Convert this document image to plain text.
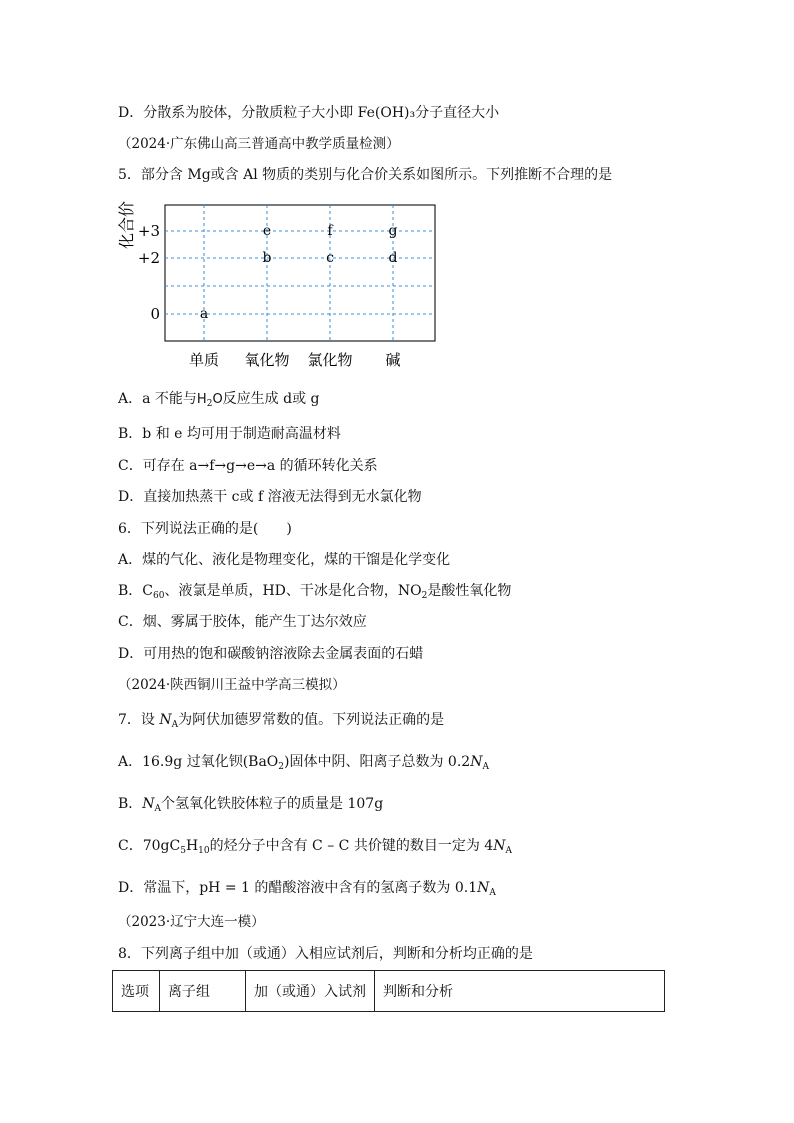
D．分散系为胶体，分散质粒子大小即 Fe(OH)₃分子直径大小
（2024·广东佛山高三普通高中教学质量检测）
5．部分含 Mg或含 Al 物质的类别与化合价关系如图所示。下列推断不合理的是
化合价 +3
+2
0	a
b
e
c
f
d
g
单质 氧化物 氯化物 碱
A．a 不能与$H_2O$反应生成 d或 g
B．b 和 e 均可用于制造耐高温材料
C．可存在 a→f→g→e→a 的循环转化关系
D．直接加热蒸干 c或 f 溶液无法得到无水氯化物
6．下列说法正确的是(　　)
A．煤的气化、液化是物理变化，煤的干馏是化学变化
B．$C_{60}$、液氯是单质，HD、干冰是化合物，$NO_2$是酸性氧化物
C．烟、雾属于胶体，能产生丁达尔效应
D．可用热的饱和碳酸钠溶液除去金属表面的石蜡
（2024·陕西铜川王益中学高三模拟）
7．设 $N_A$为阿伏加德罗常数的值。下列说法正确的是
A．16.9g 过氧化钡(BaO$_2$)固体中阴、阳离子总数为 $0.2N_A$
B．$N_A$个氢氧化铁胶体粒子的质量是 107g
C．$70gC_5H_{10}$的烃分子中含有 C – C 共价键的数目一定为 $4N_A$
D．常温下，pH = 1 的醋酸溶液中含有的氢离子数为 $0.1N_A$
（2023·辽宁大连一模）
8．下列离子组中加（或通）入相应试剂后，判断和分析均正确的是
选项	离子组	加（或通）入试剂	判断和分析
